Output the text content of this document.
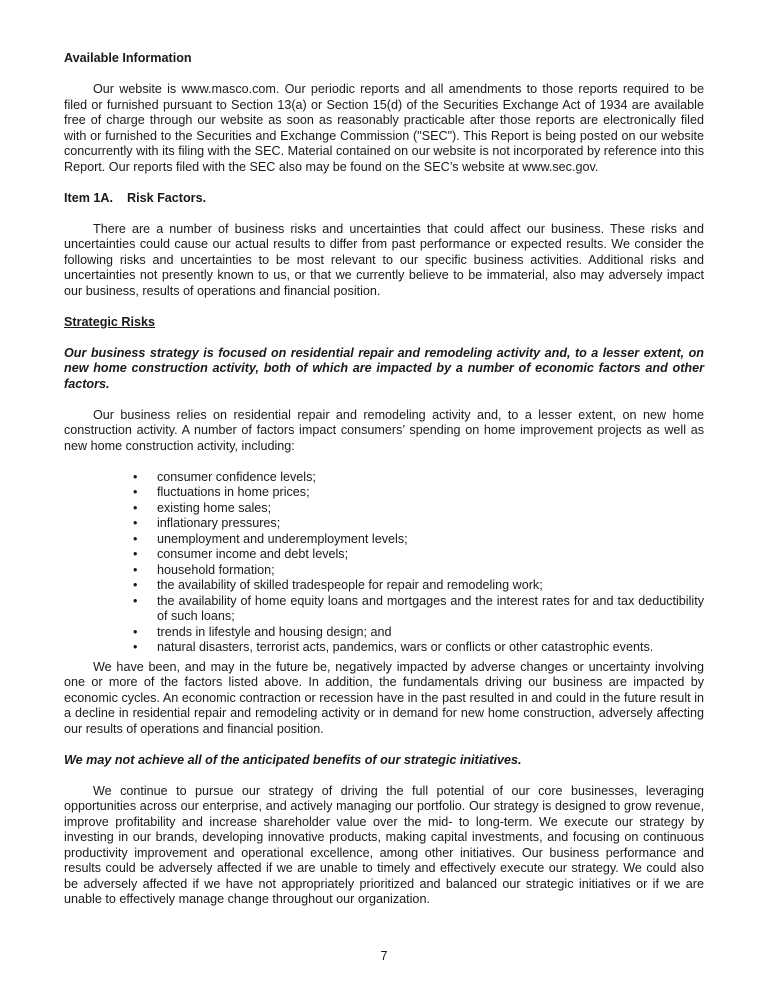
Available Information

Our website is www.masco.com. Our periodic reports and all amendments to those reports required to be filed or furnished pursuant to Section 13(a) or Section 15(d) of the Securities Exchange Act of 1934 are available free of charge through our website as soon as reasonably practicable after those reports are electronically filed with or furnished to the Securities and Exchange Commission ("SEC"). This Report is being posted on our website concurrently with its filing with the SEC. Material contained on our website is not incorporated by reference into this Report. Our reports filed with the SEC also may be found on the SEC’s website at www.sec.gov.

Item 1A.    Risk Factors.

There are a number of business risks and uncertainties that could affect our business. These risks and uncertainties could cause our actual results to differ from past performance or expected results. We consider the following risks and uncertainties to be most relevant to our specific business activities. Additional risks and uncertainties not presently known to us, or that we currently believe to be immaterial, also may adversely impact our business, results of operations and financial position.

Strategic Risks

Our business strategy is focused on residential repair and remodeling activity and, to a lesser extent, on new home construction activity, both of which are impacted by a number of economic factors and other factors.

Our business relies on residential repair and remodeling activity and, to a lesser extent, on new home construction activity. A number of factors impact consumers’ spending on home improvement projects as well as new home construction activity, including:

• consumer confidence levels;
• fluctuations in home prices;
• existing home sales;
• inflationary pressures;
• unemployment and underemployment levels;
• consumer income and debt levels;
• household formation;
• the availability of skilled tradespeople for repair and remodeling work;
• the availability of home equity loans and mortgages and the interest rates for and tax deductibility of such loans;
• trends in lifestyle and housing design; and
• natural disasters, terrorist acts, pandemics, wars or conflicts or other catastrophic events.

We have been, and may in the future be, negatively impacted by adverse changes or uncertainty involving one or more of the factors listed above. In addition, the fundamentals driving our business are impacted by economic cycles. An economic contraction or recession have in the past resulted in and could in the future result in a decline in residential repair and remodeling activity or in demand for new home construction, adversely affecting our results of operations and financial position.

We may not achieve all of the anticipated benefits of our strategic initiatives.

We continue to pursue our strategy of driving the full potential of our core businesses, leveraging opportunities across our enterprise, and actively managing our portfolio. Our strategy is designed to grow revenue, improve profitability and increase shareholder value over the mid- to long-term. We execute our strategy by investing in our brands, developing innovative products, making capital investments, and focusing on continuous productivity improvement and operational excellence, among other initiatives. Our business performance and results could be adversely affected if we are unable to timely and effectively execute our strategy. We could also be adversely affected if we have not appropriately prioritized and balanced our strategic initiatives or if we are unable to effectively manage change throughout our organization.

7
